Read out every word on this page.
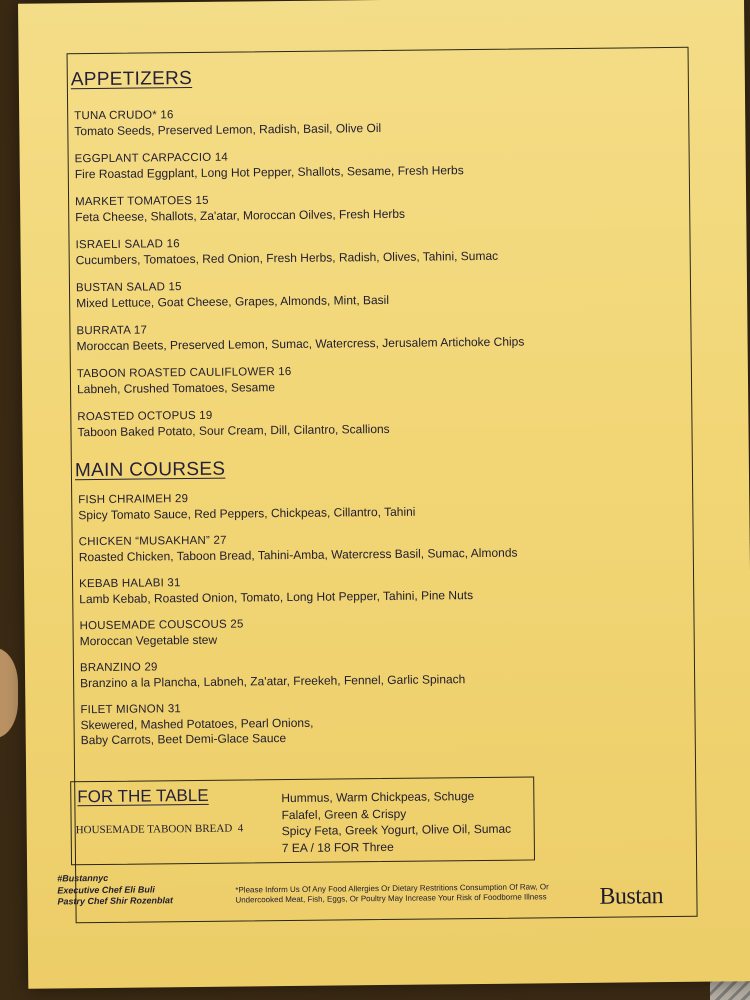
APPETIZERS
TUNA CRUDO* 16
Tomato Seeds, Preserved Lemon, Radish, Basil, Olive Oil
EGGPLANT CARPACCIO 14
Fire Roastad Eggplant, Long Hot Pepper, Shallots, Sesame, Fresh Herbs
MARKET TOMATOES 15
Feta Cheese, Shallots, Za'atar, Moroccan Oilves, Fresh Herbs
ISRAELI SALAD 16
Cucumbers, Tomatoes, Red Onion, Fresh Herbs, Radish, Olives, Tahini, Sumac
BUSTAN SALAD 15
Mixed Lettuce, Goat Cheese, Grapes, Almonds, Mint, Basil
BURRATA 17
Moroccan Beets, Preserved Lemon, Sumac, Watercress, Jerusalem Artichoke Chips
TABOON ROASTED CAULIFLOWER 16
Labneh, Crushed Tomatoes, Sesame
ROASTED OCTOPUS 19
Taboon Baked Potato, Sour Cream, Dill, Cilantro, Scallions
MAIN COURSES
FISH CHRAIMEH 29
Spicy Tomato Sauce, Red Peppers, Chickpeas, Cillantro, Tahini
CHICKEN “MUSAKHAN” 27
Roasted Chicken, Taboon Bread, Tahini-Amba, Watercress Basil, Sumac, Almonds
KEBAB HALABI 31
Lamb Kebab, Roasted Onion, Tomato, Long Hot Pepper, Tahini, Pine Nuts
HOUSEMADE COUSCOUS 25
Moroccan Vegetable stew
BRANZINO 29
Branzino a la Plancha, Labneh, Za'atar, Freekeh, Fennel, Garlic Spinach
FILET MIGNON 31
Skewered, Mashed Potatoes, Pearl Onions,
Baby Carrots, Beet Demi-Glace Sauce
FOR THE TABLE
HOUSEMADE TABOON BREAD 4
Hummus, Warm Chickpeas, Schuge
Falafel, Green & Crispy
Spicy Feta, Greek Yogurt, Olive Oil, Sumac
7 EA / 18 FOR Three
#Bustannyc
Executive Chef Eli Buli
Pastry Chef Shir Rozenblat
*Please Inform Us Of Any Food Allergies Or Dietary Restritions Consumption Of Raw, Or Undercooked Meat, Fish, Eggs, Or Poultry May Increase Your Risk of Foodborne Illness	Bustan
